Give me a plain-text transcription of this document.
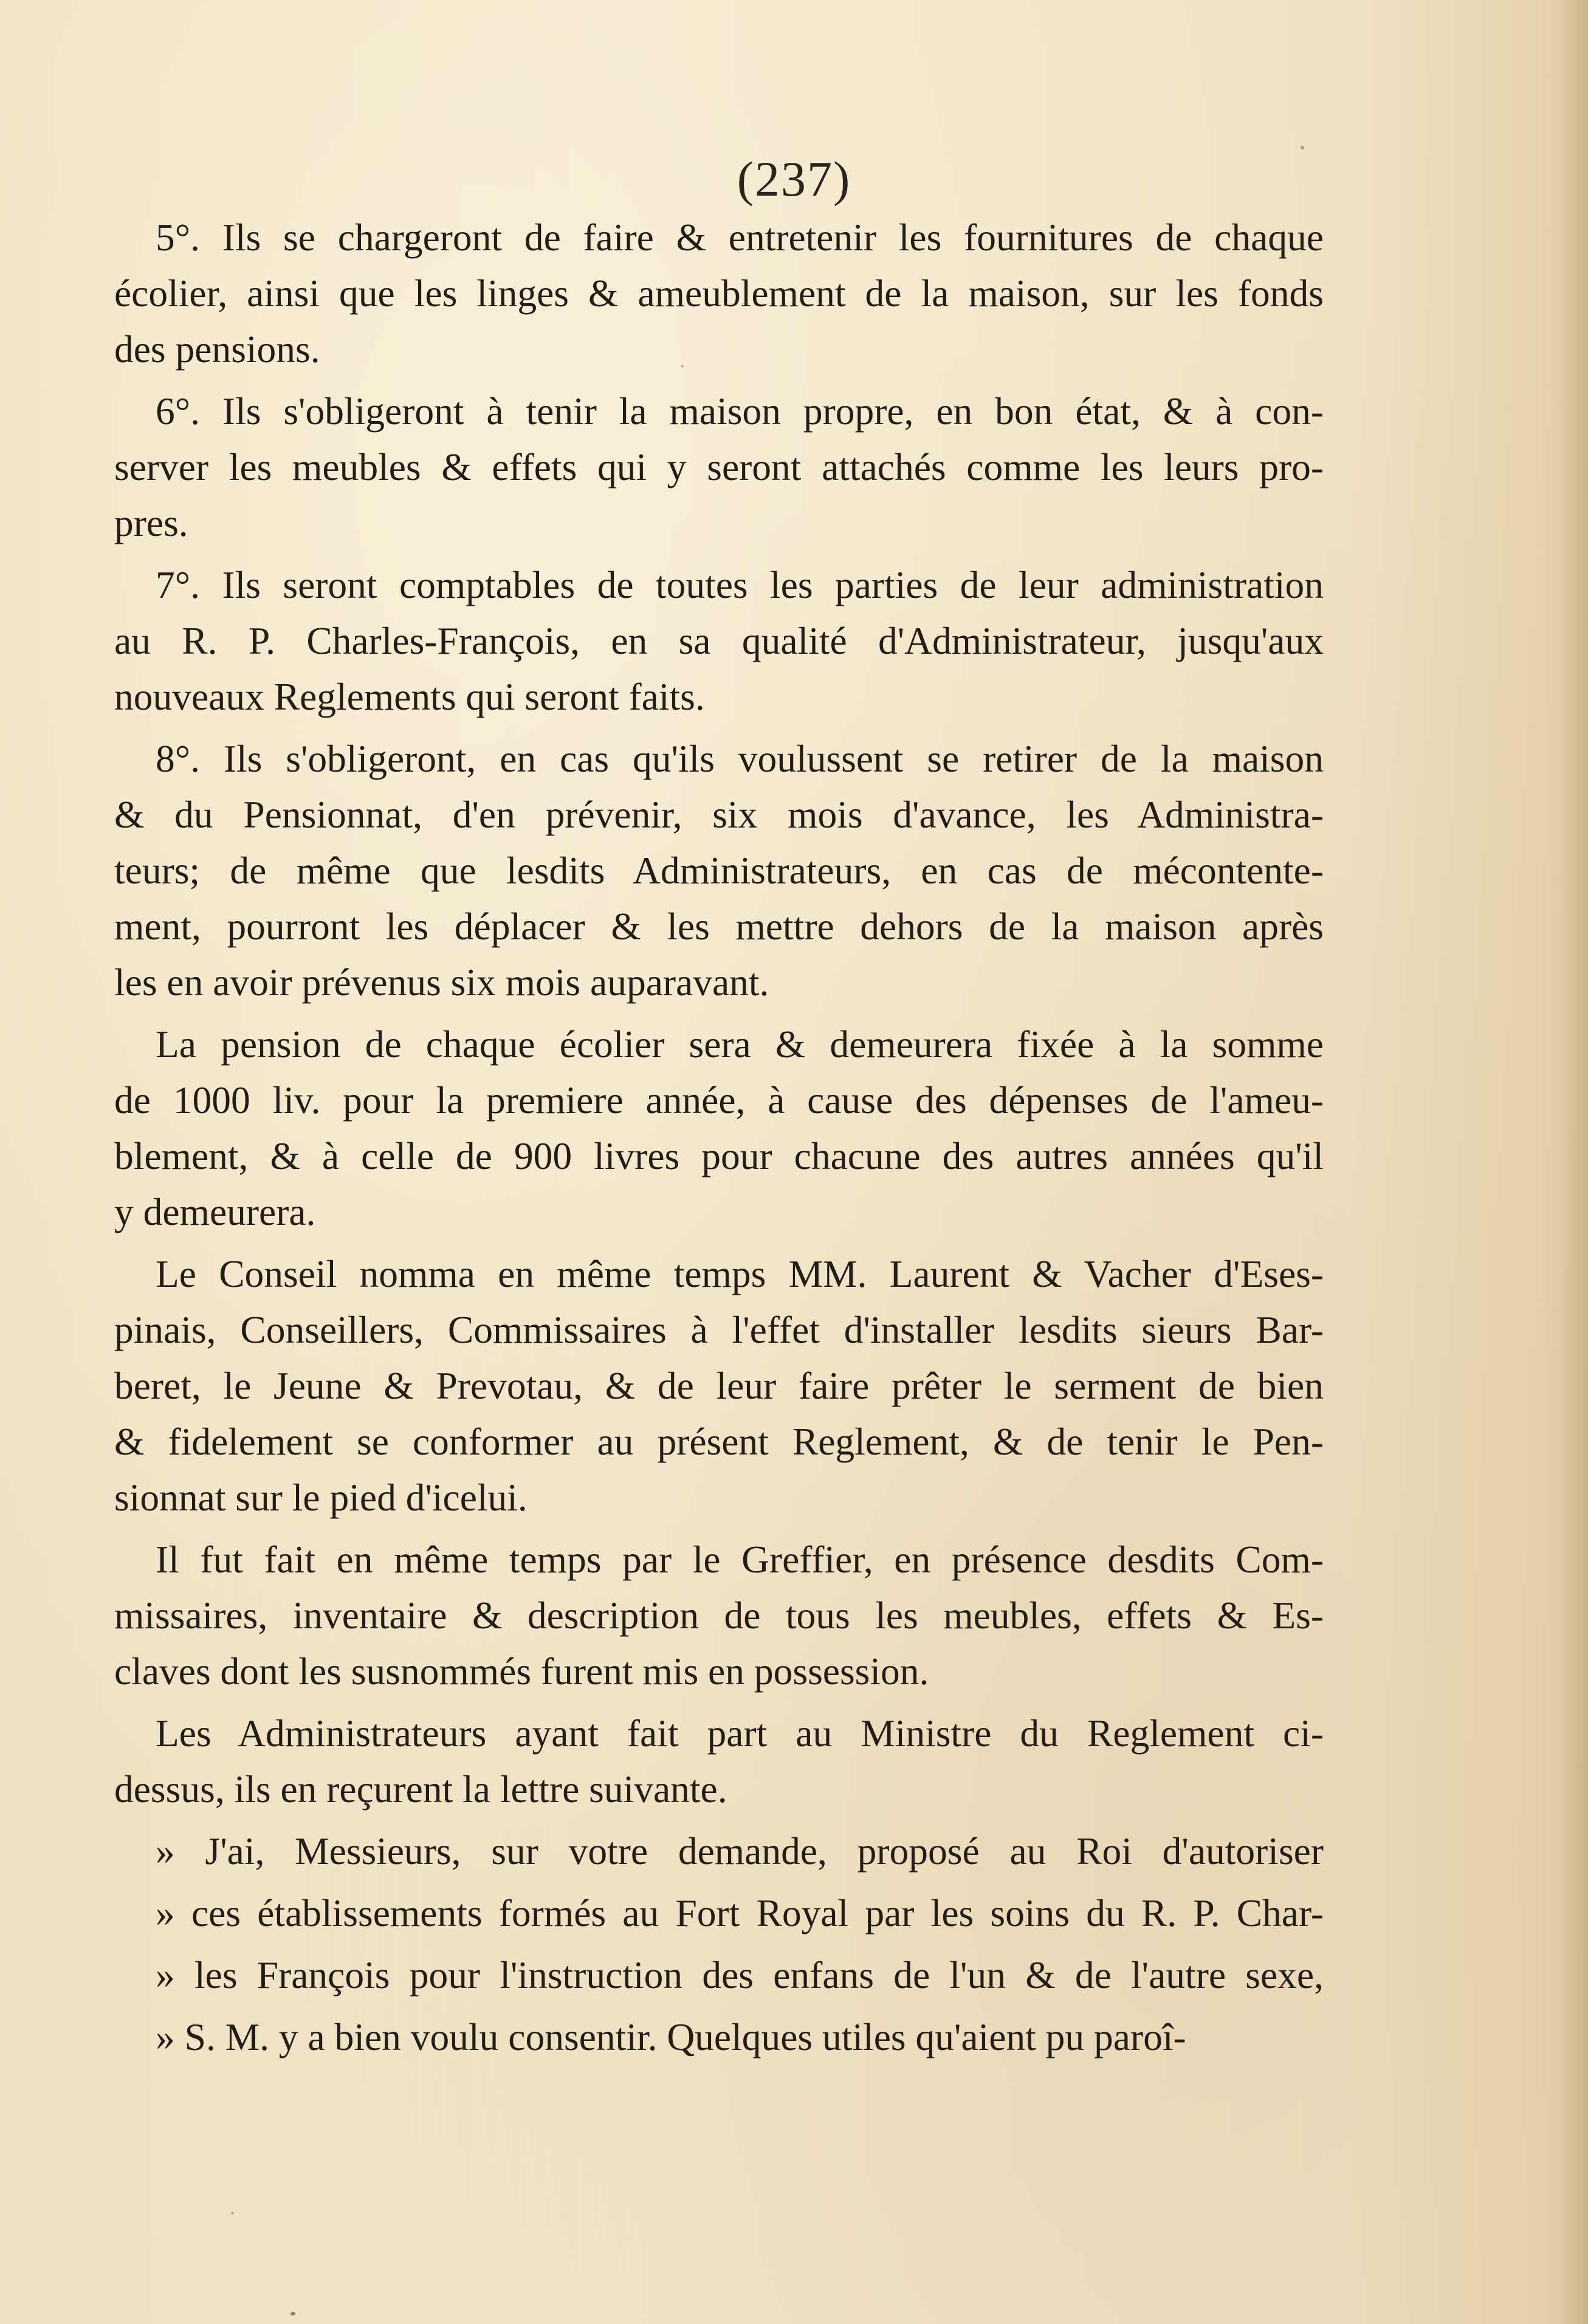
(237)
5°. Ils se chargeront de faire & entretenir les fournitures de chaque
écolier, ainsi que les linges & ameublement de la maison, sur les fonds
des pensions.
6°. Ils s'obligeront à tenir la maison propre, en bon état, & à con-
server les meubles & effets qui y seront attachés comme les leurs pro-
pres.
7°. Ils seront comptables de toutes les parties de leur administration
au R. P. Charles-François, en sa qualité d'Administrateur, jusqu'aux
nouveaux Reglements qui seront faits.
8°. Ils s'obligeront, en cas qu'ils voulussent se retirer de la maison
& du Pensionnat, d'en prévenir, six mois d'avance, les Administra-
teurs; de même que lesdits Administrateurs, en cas de mécontente-
ment, pourront les déplacer & les mettre dehors de la maison après
les en avoir prévenus six mois auparavant.
La pension de chaque écolier sera & demeurera fixée à la somme
de 1000 liv. pour la premiere année, à cause des dépenses de l'ameu-
blement, & à celle de 900 livres pour chacune des autres années qu'il
y demeurera.
Le Conseil nomma en même temps MM. Laurent & Vacher d'Eses-
pinais, Conseillers, Commissaires à l'effet d'installer lesdits sieurs Bar-
beret, le Jeune & Prevotau, & de leur faire prêter le serment de bien
& fidelement se conformer au présent Reglement, & de tenir le Pen-
sionnat sur le pied d'icelui.
Il fut fait en même temps par le Greffier, en présence desdits Com-
missaires, inventaire & description de tous les meubles, effets & Es-
claves dont les susnommés furent mis en possession.
Les Administrateurs ayant fait part au Ministre du Reglement ci-
dessus, ils en reçurent la lettre suivante.
» J'ai, Messieurs, sur votre demande, proposé au Roi d'autoriser
» ces établissements formés au Fort Royal par les soins du R. P. Char-
» les François pour l'instruction des enfans de l'un & de l'autre sexe,
» S. M. y a bien voulu consentir. Quelques utiles qu'aient pu paroî-
